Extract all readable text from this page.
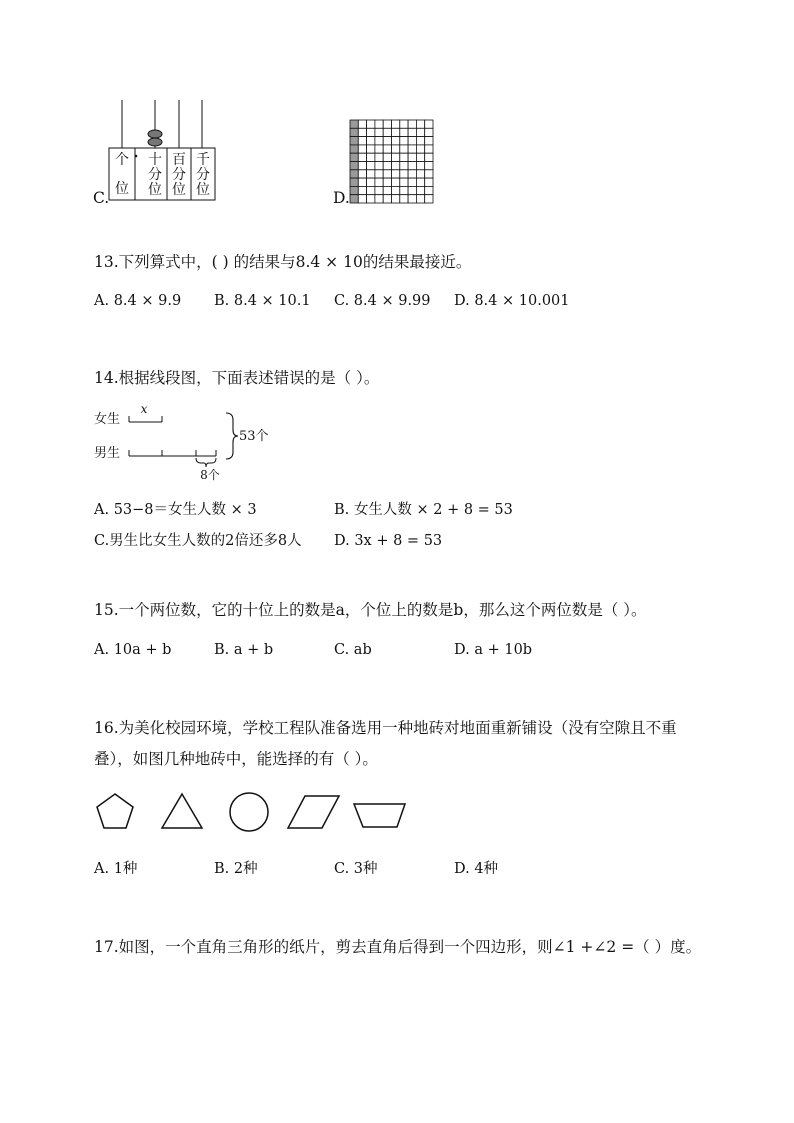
C.
个
位
十
分
位
百
分
位
千
分
位	D.
13.下列算式中，( ) 的结果与8.4 × 10的结果最接近。
A. 8.4 × 9.9 B. 8.4 × 10.1 C. 8.4 × 9.99 D. 8.4 × 10.001
14.根据线段图，下面表述错误的是（ ）。
女生
x
男生
8个
53个
A. 53−8＝女生人数 × 3	B. 女生人数 × 2 + 8 = 53
C.男生比女生人数的2倍还多8人 D. 3x + 8 = 53
15.一个两位数，它的十位上的数是a，个位上的数是b，那么这个两位数是（ ）。
A. 10a + b	B. a + b	C. ab	D. a + 10b
16.为美化校园环境，学校工程队准备选用一种地砖对地面重新铺设（没有空隙且不重
叠），如图几种地砖中，能选择的有（ ）。
A. 1种	B. 2种	C. 3种	D. 4种
17.如图，一个直角三角形的纸片，剪去直角后得到一个四边形，则∠1 +∠2 =（ ）度。
